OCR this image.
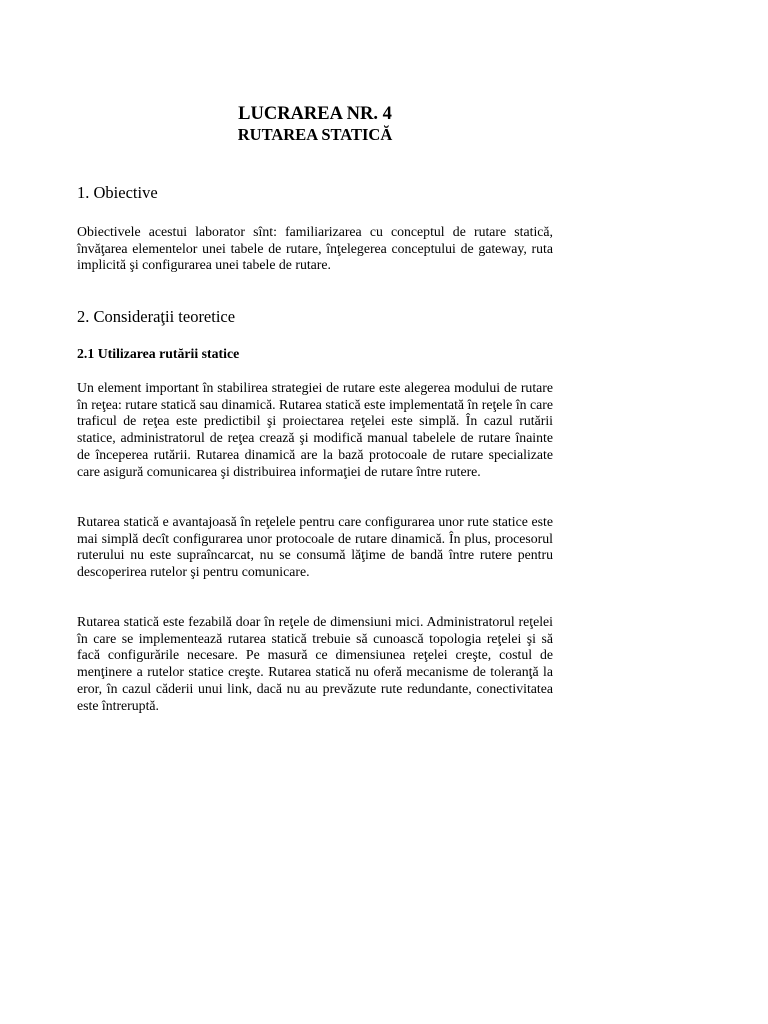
LUCRAREA NR. 4
RUTAREA STATICĂ
1. Obiective

Obiectivele acestui laborator sînt: familiarizarea cu conceptul de rutare statică, învăţarea elementelor unei tabele de rutare, înţelegerea conceptului de gateway, ruta implicită şi configurarea unei tabele de rutare.

2. Consideraţii teoretice
2.1 Utilizarea rutării statice

Un element important în stabilirea strategiei de rutare este alegerea modului de rutare în reţea: rutare statică sau dinamică. Rutarea statică este implementată în reţele în care traficul de reţea este predictibil şi proiectarea reţelei este simplă. În cazul rutării statice, administratorul de reţea crează şi modifică manual tabelele de rutare înainte de începerea rutării. Rutarea dinamică are la bază protocoale de rutare specializate care asigură comunicarea şi distribuirea informaţiei de rutare între rutere.

Rutarea statică e avantajoasă în reţelele pentru care configurarea unor rute statice este mai simplă decît configurarea unor protocoale de rutare dinamică. În plus, procesorul ruterului nu este supraîncarcat, nu se consumă lăţime de bandă între rutere pentru descoperirea rutelor şi pentru comunicare.

Rutarea statică este fezabilă doar în reţele de dimensiuni mici. Administratorul reţelei în care se implementează rutarea statică trebuie să cunoască topologia reţelei şi să facă configurările necesare. Pe masură ce dimensiunea reţelei creşte, costul de menţinere a rutelor statice creşte. Rutarea statică nu oferă mecanisme de toleranţă la eror, în cazul căderii unui link, dacă nu au prevăzute rute redundante, conectivitatea este întreruptă.
